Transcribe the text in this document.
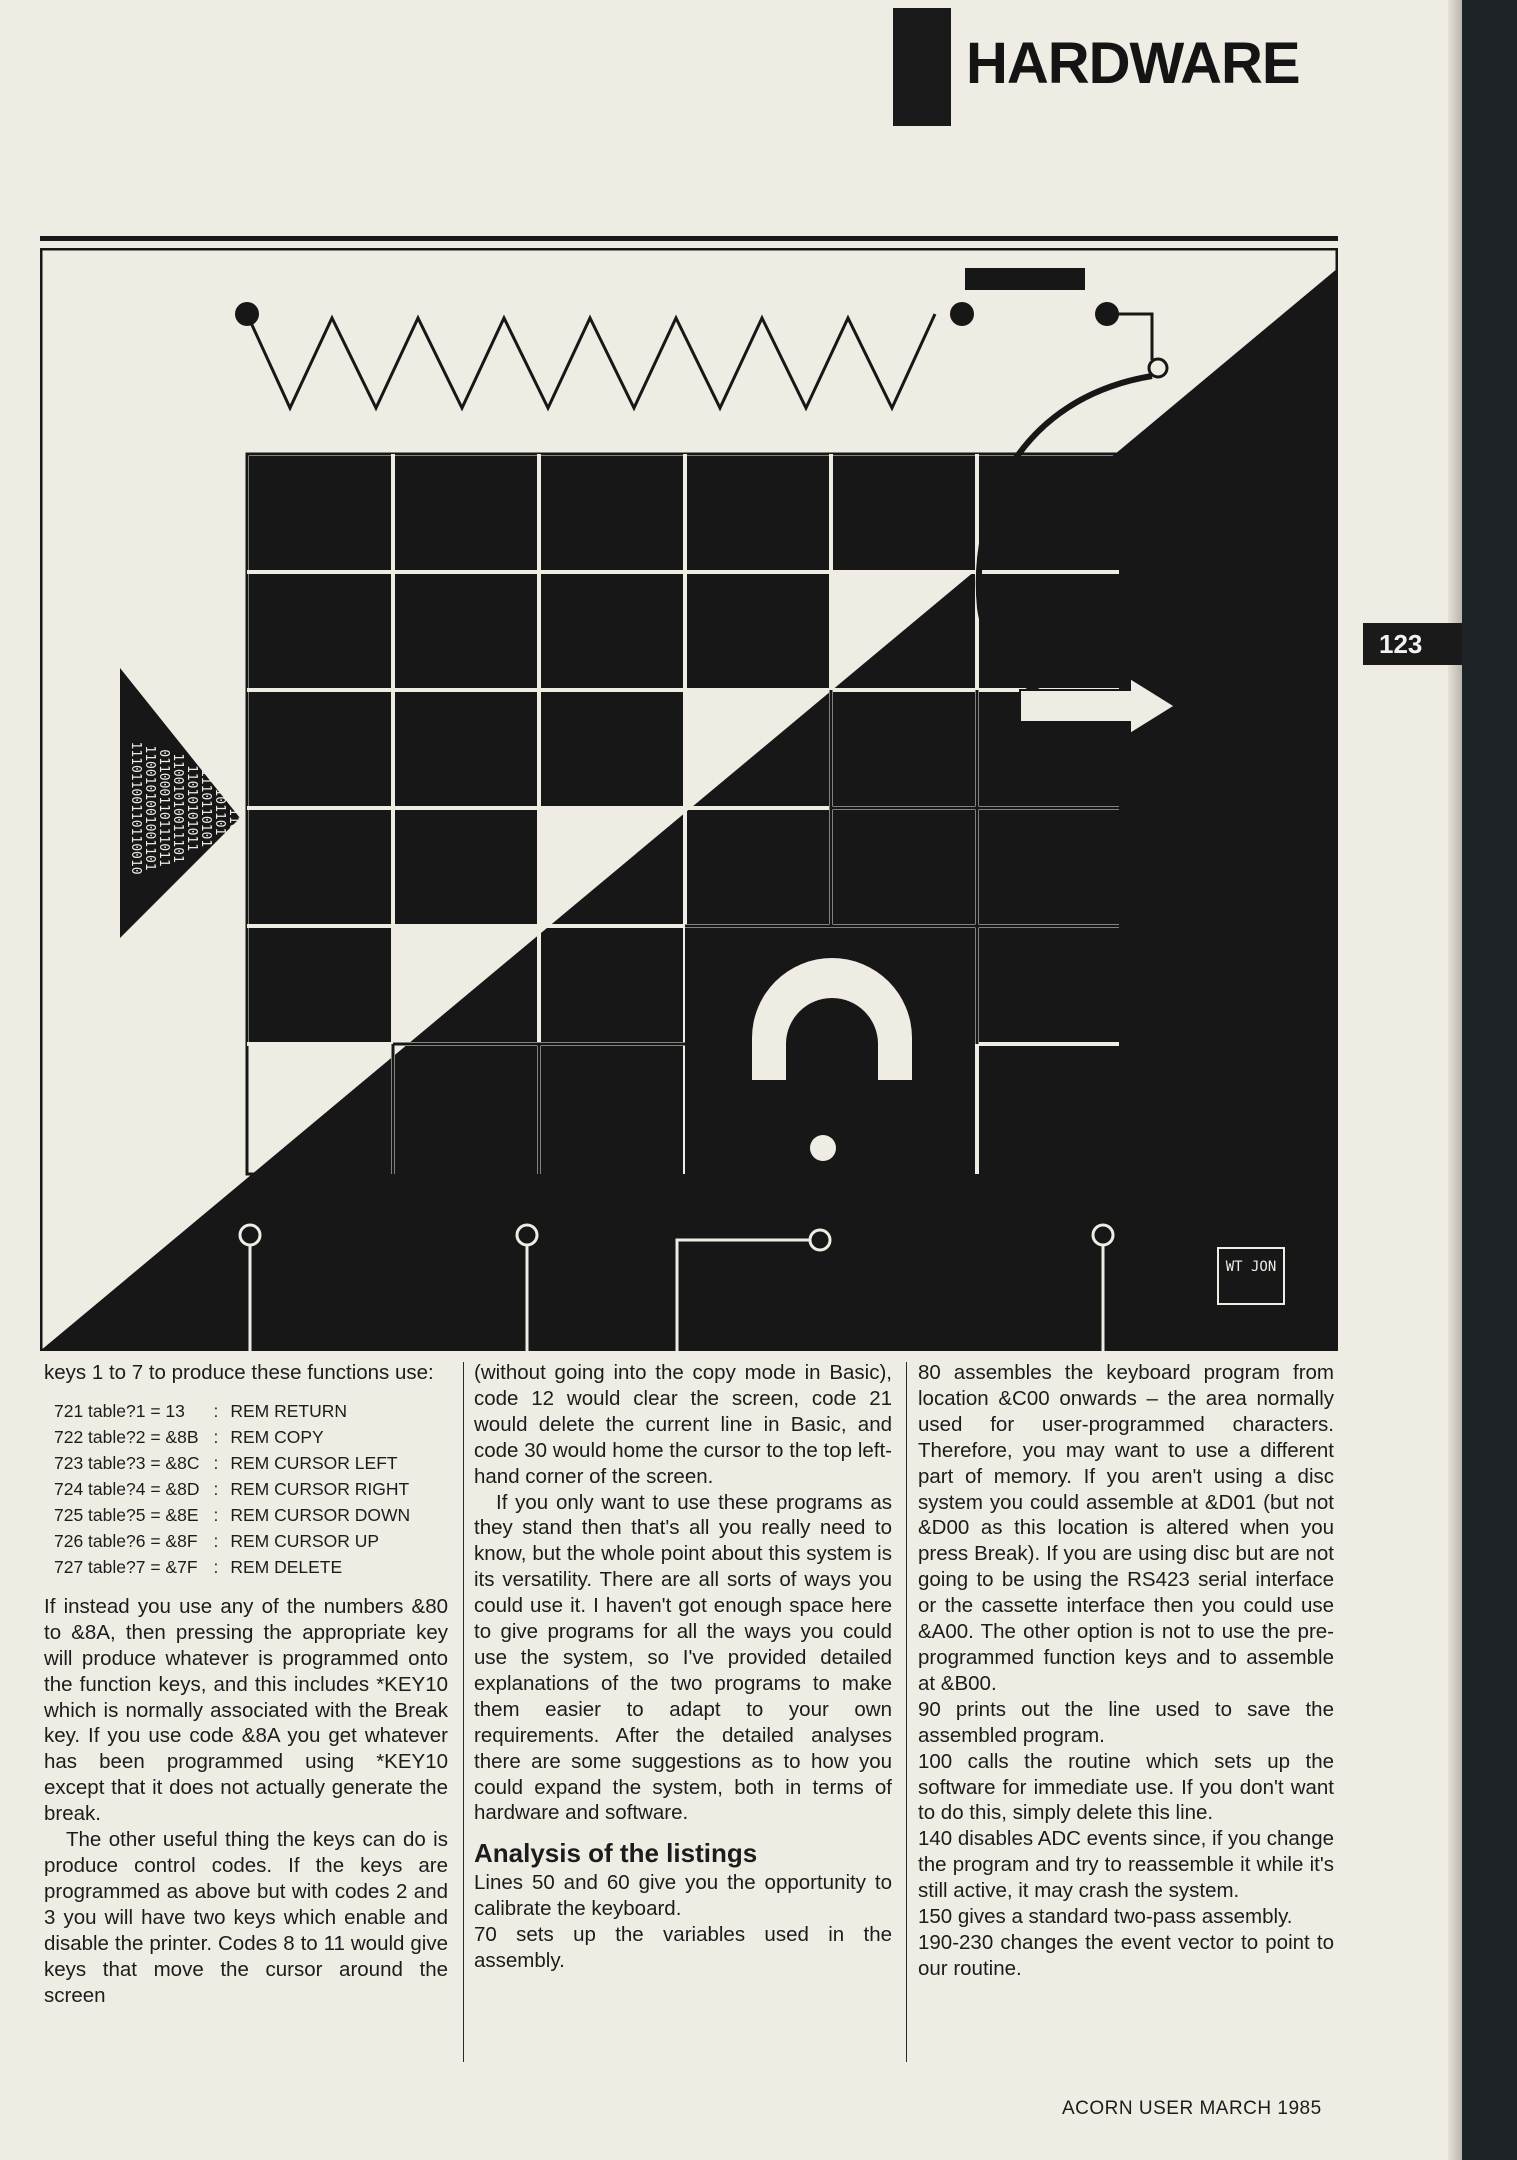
HARDWARE
123
110110
0101101
1110110101
11010101011
11001010011101
011000110111011
1100101001001101
11101100110110010
WT JON

keys 1 to 7 to produce these functions use:

721 table?1 = 13	:	REM RETURN
722 table?2 = &8B	:	REM COPY
723 table?3 = &8C	:	REM CURSOR LEFT
724 table?4 = &8D	:	REM CURSOR RIGHT
725 table?5 = &8E	:	REM CURSOR DOWN
726 table?6 = &8F	:	REM CURSOR UP
727 table?7 = &7F	:	REM DELETE

If instead you use any of the numbers &80 to &8A, then pressing the appropriate key will produce whatever is programmed onto the function keys, and this includes *KEY10 which is normally associated with the Break key. If you use code &8A you get whatever has been programmed using *KEY10 except that it does not actually generate the break.

The other useful thing the keys can do is produce control codes. If the keys are programmed as above but with codes 2 and 3 you will have two keys which enable and disable the printer. Codes 8 to 11 would give keys that move the cursor around the screen

(without going into the copy mode in Basic), code 12 would clear the screen, code 21 would delete the current line in Basic, and code 30 would home the cursor to the top left-hand corner of the screen.

If you only want to use these programs as they stand then that's all you really need to know, but the whole point about this system is its versatility. There are all sorts of ways you could use it. I haven't got enough space here to give programs for all the ways you could use the system, so I've provided detailed explanations of the two programs to make them easier to adapt to your own requirements. After the detailed analyses there are some suggestions as to how you could expand the system, both in terms of hardware and software.

Analysis of the listings

Lines 50 and 60 give you the opportunity to calibrate the keyboard.

70 sets up the variables used in the assembly.

80 assembles the keyboard program from location &C00 onwards – the area normally used for user-programmed characters. Therefore, you may want to use a different part of memory. If you aren't using a disc system you could assemble at &D01 (but not &D00 as this location is altered when you press Break). If you are using disc but are not going to be using the RS423 serial interface or the cassette interface then you could use &A00. The other option is not to use the pre-programmed function keys and to assemble at &B00.

90 prints out the line used to save the assembled program.

100 calls the routine which sets up the software for immediate use. If you don't want to do this, simply delete this line.

140 disables ADC events since, if you change the program and try to reassemble it while it's still active, it may crash the system.

150 gives a standard two-pass assembly.

190-230 changes the event vector to point to our routine.

ACORN USER MARCH 1985
